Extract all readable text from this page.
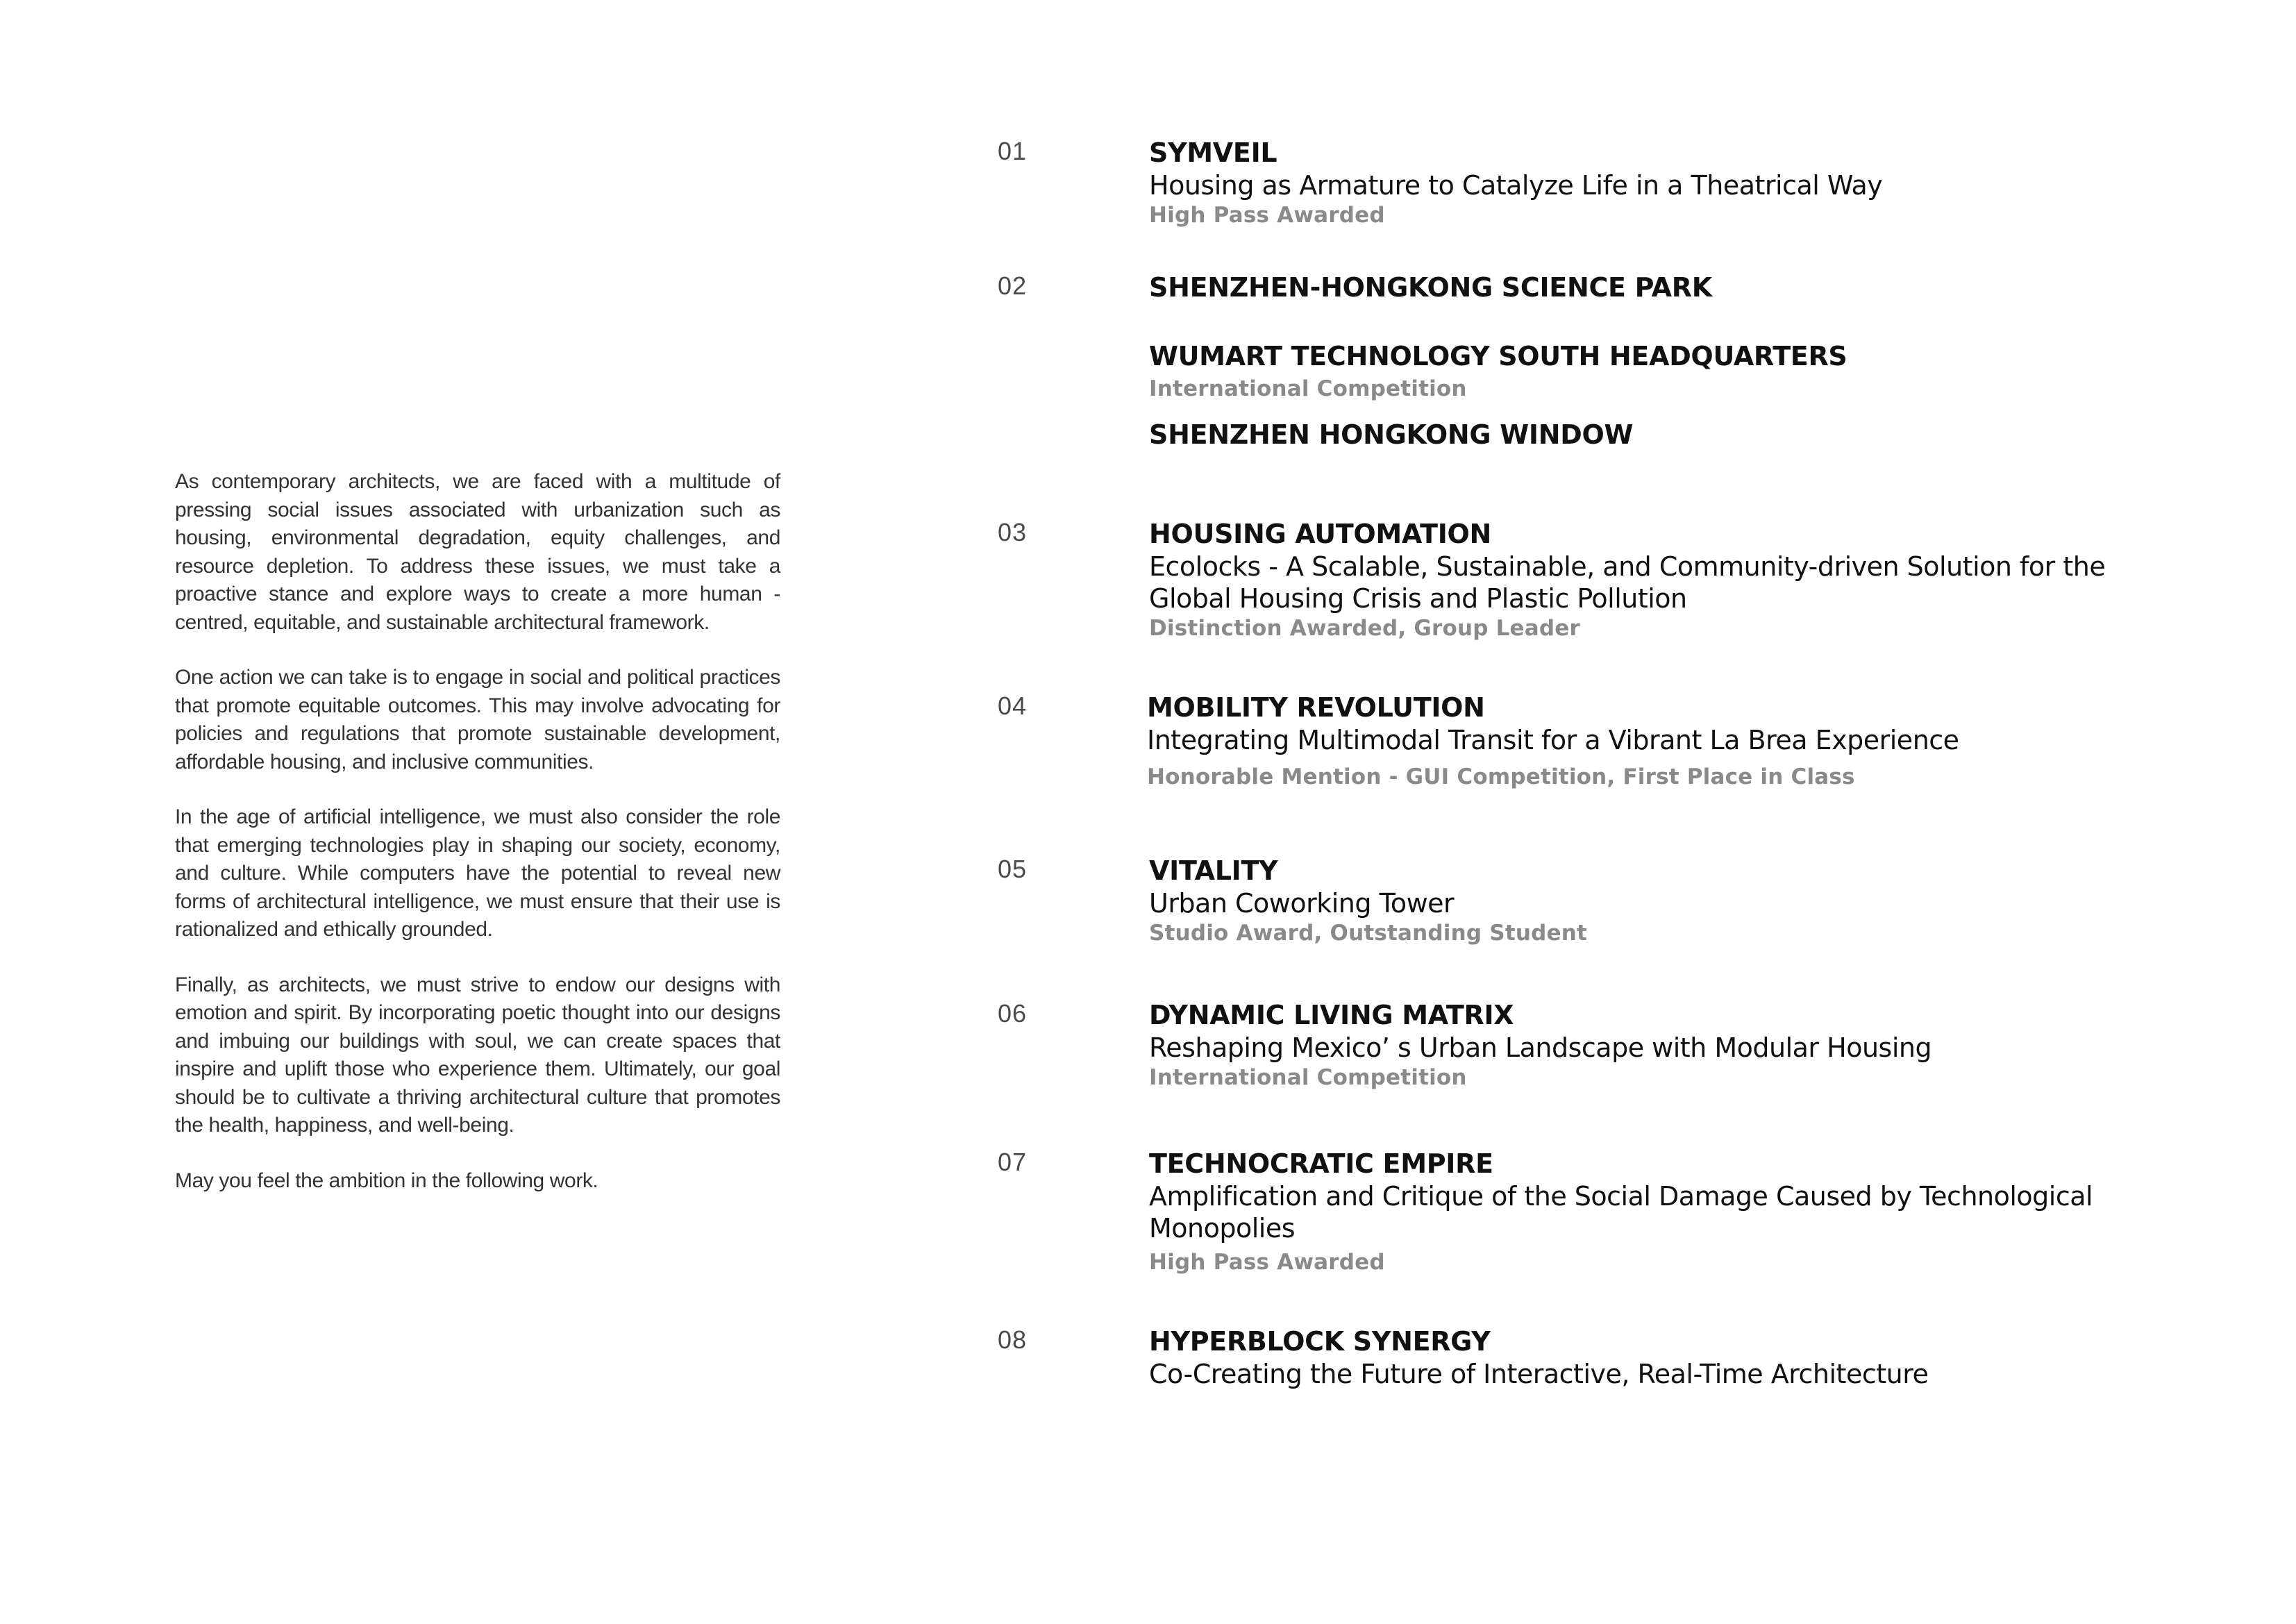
As contemporary architects, we are faced with a multitude of pressing social issues associated with urbanization such as housing, environmental degradation, equity challenges, and resource depletion. To address these issues, we must take a proactive stance and explore ways to create a more human -centred, equitable, and sustainable architectural framework.

One action we can take is to engage in social and political practices that promote equitable outcomes. This may involve advocating for policies and regulations that promote sustainable development, affordable housing, and inclusive communities.

In the age of artificial intelligence, we must also consider the role that emerging technologies play in shaping our society, economy, and culture. While computers have the potential to reveal new forms of architectural intelligence, we must ensure that their use is rationalized and ethically grounded.

Finally, as architects, we must strive to endow our designs with emotion and spirit. By incorporating poetic thought into our designs and imbuing our buildings with soul, we can create spaces that inspire and uplift those who experience them. Ultimately, our goal should be to cultivate a thriving architectural culture that promotes the health, happiness, and well-being.

May you feel the ambition in the following work.

01	SYMVEIL
Housing as Armature to Catalyze Life in a Theatrical Way
High Pass Awarded
02	SHENZHEN-HONGKONG SCIENCE PARK
WUMART TECHNOLOGY SOUTH HEADQUARTERS
International Competition
SHENZHEN HONGKONG WINDOW
03	HOUSING AUTOMATION
Ecolocks - A Scalable, Sustainable, and Community-driven Solution for the Global Housing Crisis and Plastic Pollution
Distinction Awarded, Group Leader
04	MOBILITY REVOLUTION
Integrating Multimodal Transit for a Vibrant La Brea Experience
Honorable Mention - GUI Competition, First Place in Class
05	VITALITY
Urban Coworking Tower
Studio Award, Outstanding Student
06	DYNAMIC LIVING MATRIX
Reshaping Mexico’ s Urban Landscape with Modular Housing
International Competition
07	TECHNOCRATIC EMPIRE
Amplification and Critique of the Social Damage Caused by Technological Monopolies
High Pass Awarded
08	HYPERBLOCK SYNERGY
Co-Creating the Future of Interactive, Real-Time Architecture
